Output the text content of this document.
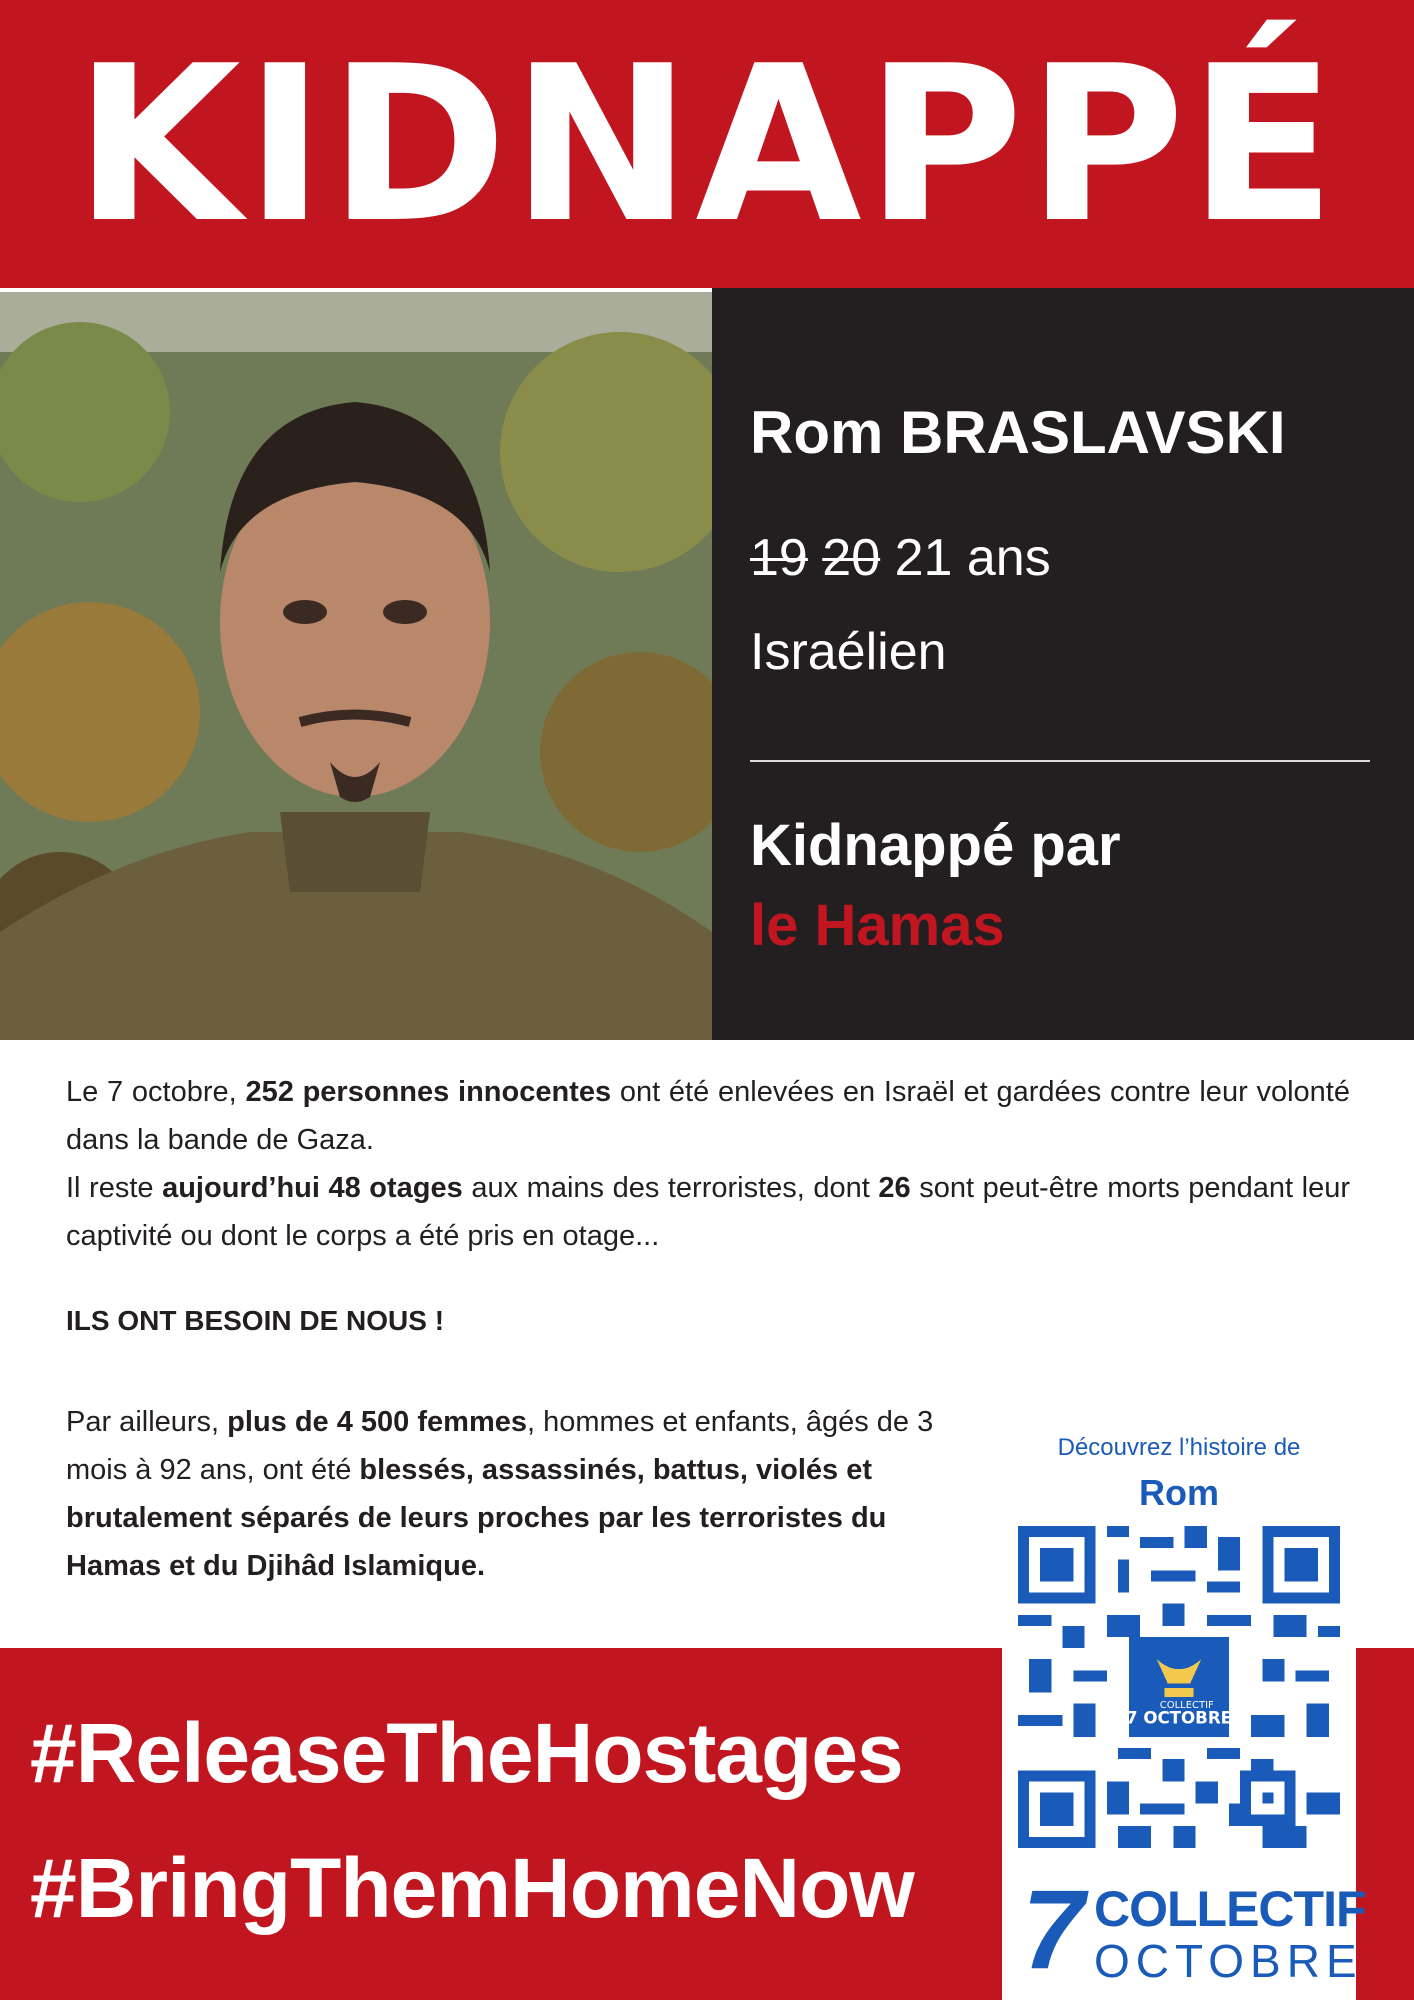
KIDNAPPÉ
Rom BRASLAVSKI
19 20 21 ans
Israélien
Kidnappé par
le Hamas

Le 7 octobre, 252 personnes innocentes ont été enlevées en Israël et gardées contre leur volonté dans la bande de Gaza.
Il reste aujourd’hui 48 otages aux mains des terroristes, dont 26 sont peut-être morts pendant leur captivité ou dont le corps a été pris en otage...

ILS ONT BESOIN DE NOUS !

Par ailleurs, plus de 4 500 femmes, hommes et enfants, âgés de 3 mois à 92 ans, ont été blessés, assassinés, battus, violés et brutalement séparés de leurs proches par les terroristes du Hamas et du Djihâd Islamique.

#ReleaseTheHostages
#BringThemHomeNow
Découvrez l’histoire de
Rom
7 OCTOBRE
7 COLLECTIF
OCTOBRE
